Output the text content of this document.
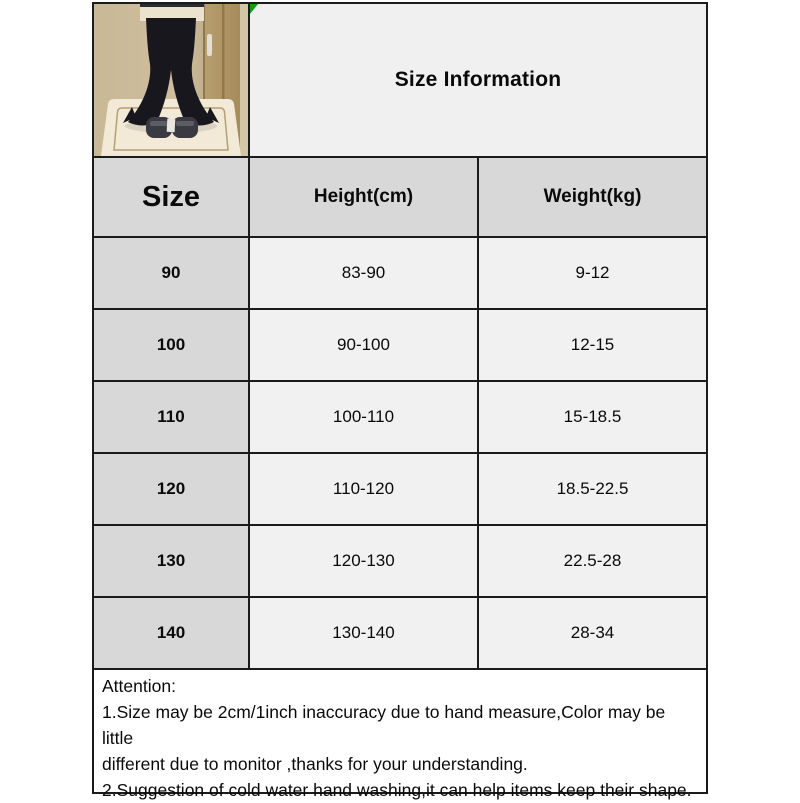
Size Information
Size	Height(cm)	Weight(kg)
90	83-90	9-12
100	90-100	12-15
110	100-110	15-18.5
120	110-120	18.5-22.5
130	120-130	22.5-28
140	130-140	28-34
Attention:
1.Size may be 2cm/1inch inaccuracy due to hand measure,Color may be little
different due to monitor ,thanks for your understanding.
2.Suggestion of cold water hand washing,it can help items keep their shape.
